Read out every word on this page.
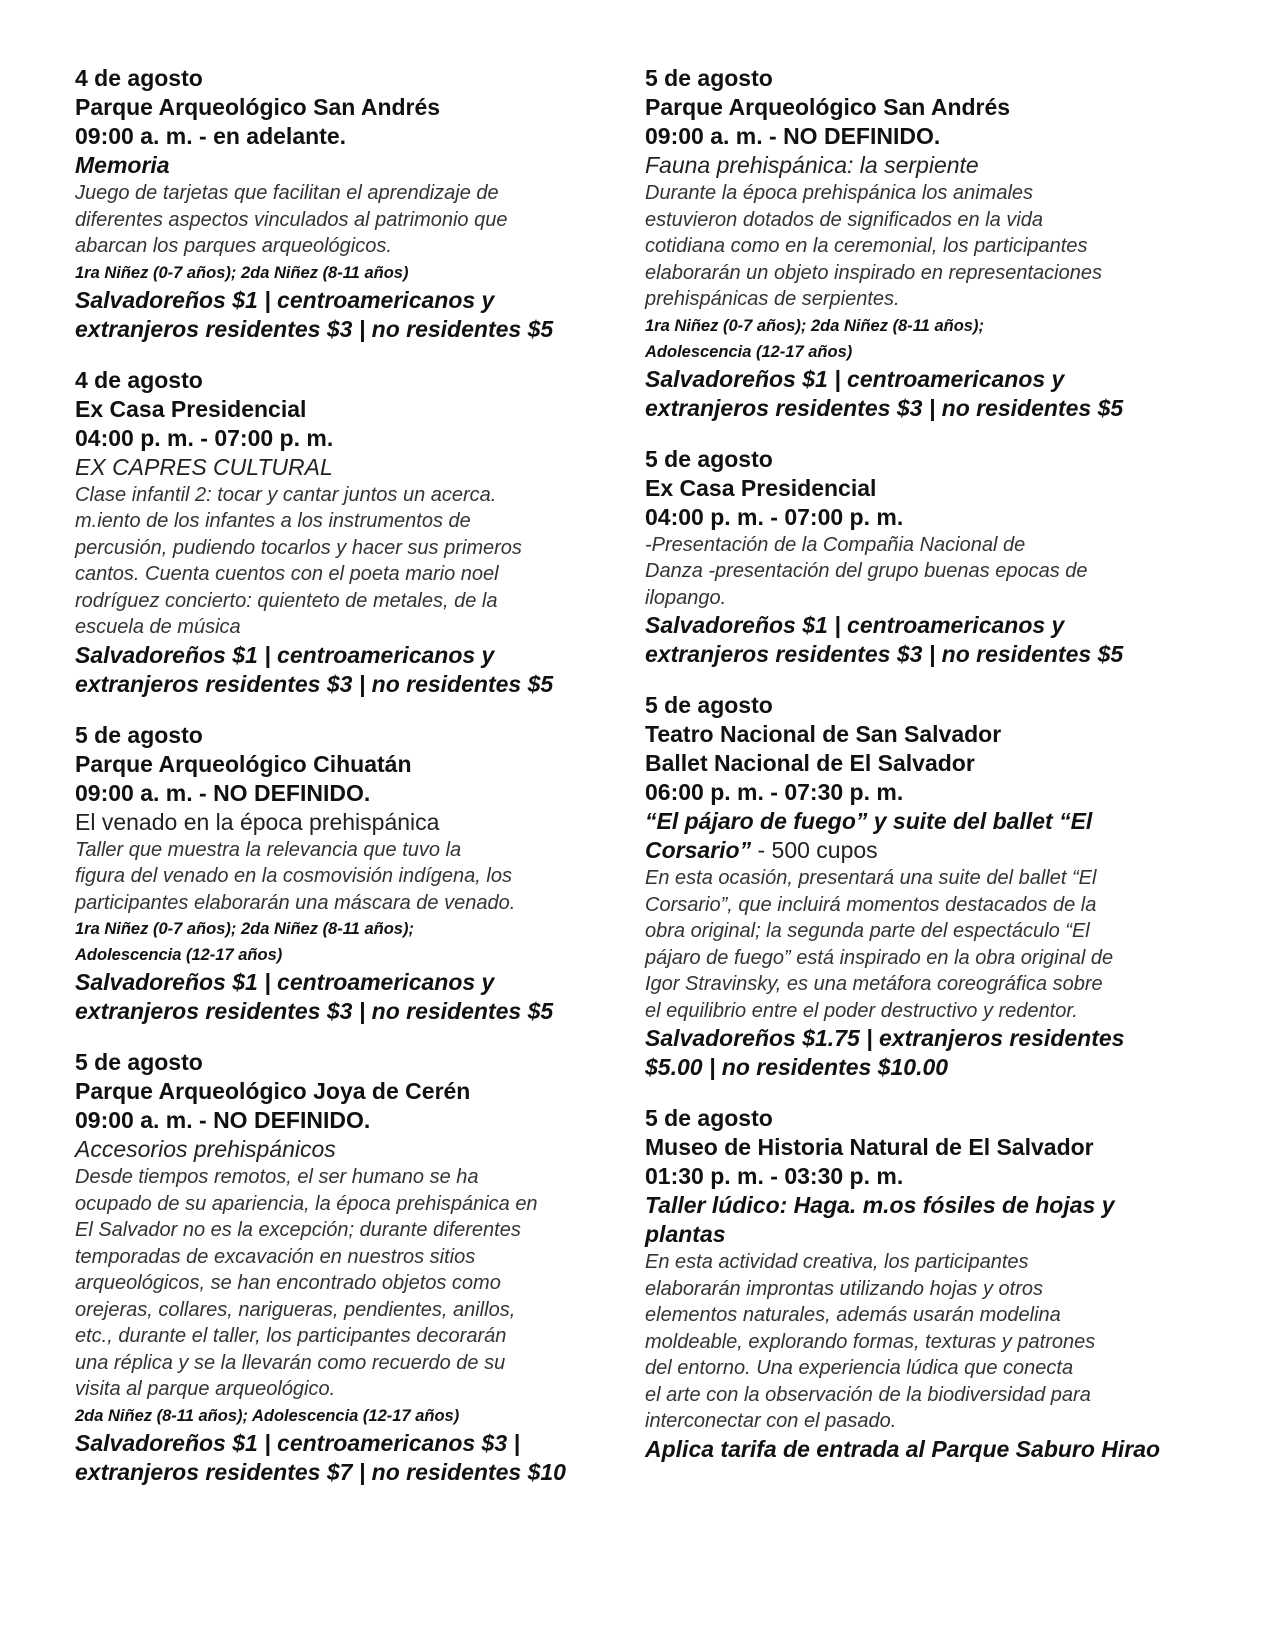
4 de agosto
Parque Arqueológico San Andrés
09:00 a. m. - en adelante.
Memoria
Juego de tarjetas que facilitan el aprendizaje de
diferentes aspectos vinculados al patrimonio que
abarcan los parques arqueológicos.
1ra Niñez (0-7 años); 2da Niñez (8-11 años)
Salvadoreños $1 | centroamericanos y
extranjeros residentes $3 | no residentes $5
4 de agosto
Ex Casa Presidencial
04:00 p. m. - 07:00 p. m.
EX CAPRES CULTURAL
Clase infantil 2: tocar y cantar juntos un acerca.
m.iento de los infantes a los instrumentos de
percusión, pudiendo tocarlos y hacer sus primeros
cantos. Cuenta cuentos con el poeta mario noel
rodríguez concierto: quienteto de metales, de la
escuela de música
Salvadoreños $1 | centroamericanos y
extranjeros residentes $3 | no residentes $5
5 de agosto
Parque Arqueológico Cihuatán
09:00 a. m. - NO DEFINIDO.
El venado en la época prehispánica
Taller que muestra la relevancia que tuvo la
figura del venado en la cosmovisión indígena, los
participantes elaborarán una máscara de venado.
1ra Niñez (0-7 años); 2da Niñez (8-11 años);
Adolescencia (12-17 años)
Salvadoreños $1 | centroamericanos y
extranjeros residentes $3 | no residentes $5
5 de agosto
Parque Arqueológico Joya de Cerén
09:00 a. m. - NO DEFINIDO.
Accesorios prehispánicos
Desde tiempos remotos, el ser humano se ha
ocupado de su apariencia, la época prehispánica en
El Salvador no es la excepción; durante diferentes
temporadas de excavación en nuestros sitios
arqueológicos, se han encontrado objetos como
orejeras, collares, narigueras, pendientes, anillos,
etc., durante el taller, los participantes decorarán
una réplica y se la llevarán como recuerdo de su
visita al parque arqueológico.
2da Niñez (8-11 años); Adolescencia (12-17 años)
Salvadoreños $1 | centroamericanos $3 |
extranjeros residentes $7 | no residentes $10
5 de agosto
Parque Arqueológico San Andrés
09:00 a. m. - NO DEFINIDO.
Fauna prehispánica: la serpiente
Durante la época prehispánica los animales
estuvieron dotados de significados en la vida
cotidiana como en la ceremonial, los participantes
elaborarán un objeto inspirado en representaciones
prehispánicas de serpientes.
1ra Niñez (0-7 años); 2da Niñez (8-11 años);
Adolescencia (12-17 años)
Salvadoreños $1 | centroamericanos y
extranjeros residentes $3 | no residentes $5
5 de agosto
Ex Casa Presidencial
04:00 p. m. - 07:00 p. m.
-Presentación de la Compañia Nacional de
Danza -presentación del grupo buenas epocas de
ilopango.
Salvadoreños $1 | centroamericanos y
extranjeros residentes $3 | no residentes $5
5 de agosto
Teatro Nacional de San Salvador
Ballet Nacional de El Salvador
06:00 p. m. - 07:30 p. m.
“El pájaro de fuego” y suite del ballet “El
Corsario” - 500 cupos
En esta ocasión, presentará una suite del ballet “El
Corsario”, que incluirá momentos destacados de la
obra original; la segunda parte del espectáculo “El
pájaro de fuego” está inspirado en la obra original de
Igor Stravinsky, es una metáfora coreográfica sobre
el equilibrio entre el poder destructivo y redentor.
Salvadoreños $1.75 | extranjeros residentes
$5.00 | no residentes $10.00
5 de agosto
Museo de Historia Natural de El Salvador
01:30 p. m. - 03:30 p. m.
Taller lúdico: Haga. m.os fósiles de hojas y
plantas
En esta actividad creativa, los participantes
elaborarán improntas utilizando hojas y otros
elementos naturales, además usarán modelina
moldeable, explorando formas, texturas y patrones
del entorno. Una experiencia lúdica que conecta
el arte con la observación de la biodiversidad para
interconectar con el pasado.
Aplica tarifa de entrada al Parque Saburo Hirao
